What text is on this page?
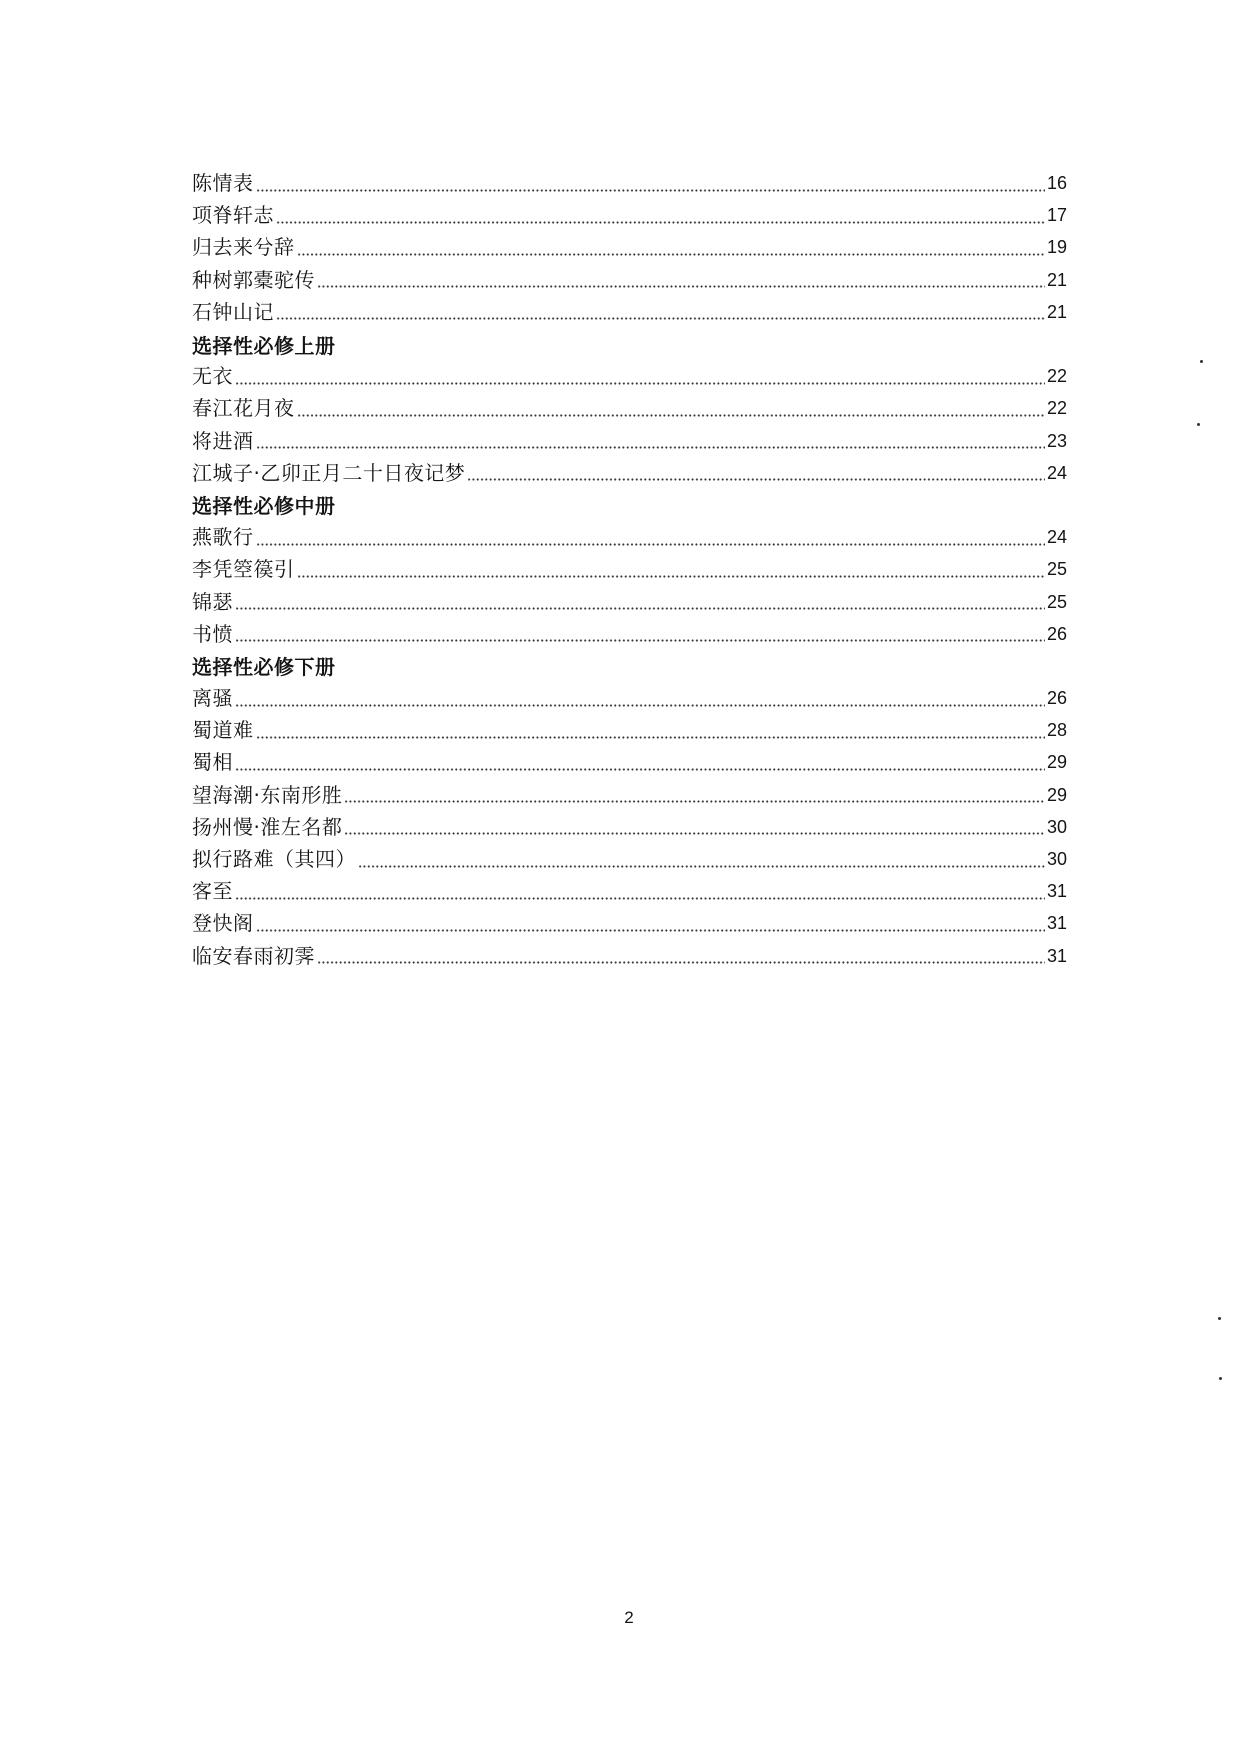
陈情表	16
项脊轩志	17
归去来兮辞	19
种树郭橐驼传	21
石钟山记	21
选择性必修上册
无衣	22
春江花月夜	22
将进酒	23
江城子·乙卯正月二十日夜记梦	24
选择性必修中册
燕歌行	24
李凭箜篌引	25
锦瑟	25
书愤	26
选择性必修下册
离骚	26
蜀道难	28
蜀相	29
望海潮·东南形胜	29
扬州慢·淮左名都	30
拟行路难（其四）	30
客至	31
登快阁	31
临安春雨初霁	31
2
